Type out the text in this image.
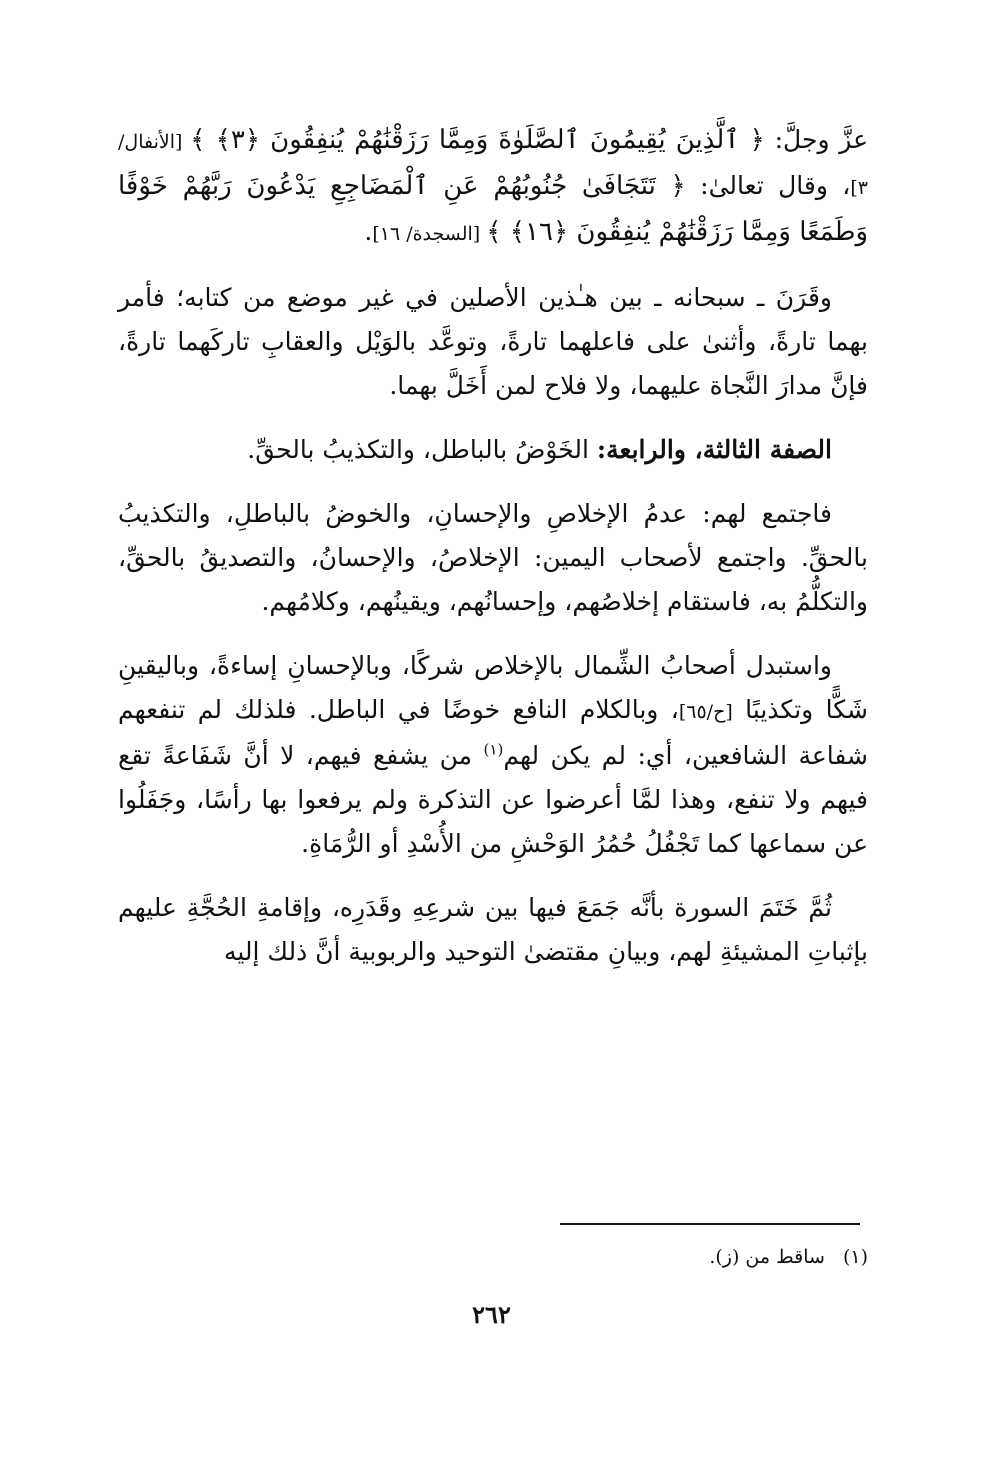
عزَّ وجلَّ: ﴿ ٱلَّذِينَ يُقِيمُونَ ٱلصَّلَوٰةَ وَمِمَّا رَزَقْنَٰهُمْ يُنفِقُونَ ﴿٣﴾ ﴾ [الأنفال/ ٣]، وقال تعالىٰ: ﴿ تَتَجَافَىٰ جُنُوبُهُمْ عَنِ ٱلْمَضَاجِعِ يَدْعُونَ رَبَّهُمْ خَوْفًا وَطَمَعًا وَمِمَّا رَزَقْنَٰهُمْ يُنفِقُونَ ﴿١٦﴾ ﴾ [السجدة/ ١٦].

وقَرَنَ ـ سبحانه ـ بين هـٰذين الأصلين في غير موضع من كتابه؛ فأمر بهما تارةً، وأثنىٰ على فاعلهما تارةً، وتوعَّد بالوَيْل والعقابِ تاركَهما تارةً، فإنَّ مدارَ النَّجاة عليهما، ولا فلاح لمن أَخَلَّ بهما.

الصفة الثالثة، والرابعة: الخَوْضُ بالباطل، والتكذيبُ بالحقِّ.

فاجتمع لهم: عدمُ الإخلاصِ والإحسانِ، والخوضُ بالباطلِ، والتكذيبُ بالحقِّ. واجتمع لأصحاب اليمين: الإخلاصُ، والإحسانُ، والتصديقُ بالحقِّ، والتكلُّمُ به، فاستقام إخلاصُهم، وإحسانُهم، ويقينُهم، وكلامُهم.

واستبدل أصحابُ الشِّمال بالإخلاص شركًا، وبالإحسانِ إساءةً، وباليقينِ شَكًّا وتكذيبًا [ح/٦٥]، وبالكلام النافع خوضًا في الباطل. فلذلك لم تنفعهم شفاعة الشافعين، أي: لم يكن لهم$^{(١)}$ من يشفع فيهم، لا أنَّ شَفَاعةً تقع فيهم ولا تنفع، وهذا لمَّا أعرضوا عن التذكرة ولم يرفعوا بها رأسًا، وجَفَلُوا عن سماعها كما تَجْفُلُ حُمُرُ الوَحْشِ من الأُسْدِ أو الرُّمَاةِ.

ثُمَّ خَتَمَ السورة بأنَّه جَمَعَ فيها بين شرعِهِ وقَدَرِه، وإقامةِ الحُجَّةِ عليهم بإثباتِ المشيئةِ لهم، وبيانِ مقتضىٰ التوحيد والربوبية أنَّ ذلك إليه

(١)ساقط من (ز).
٢٦٢
